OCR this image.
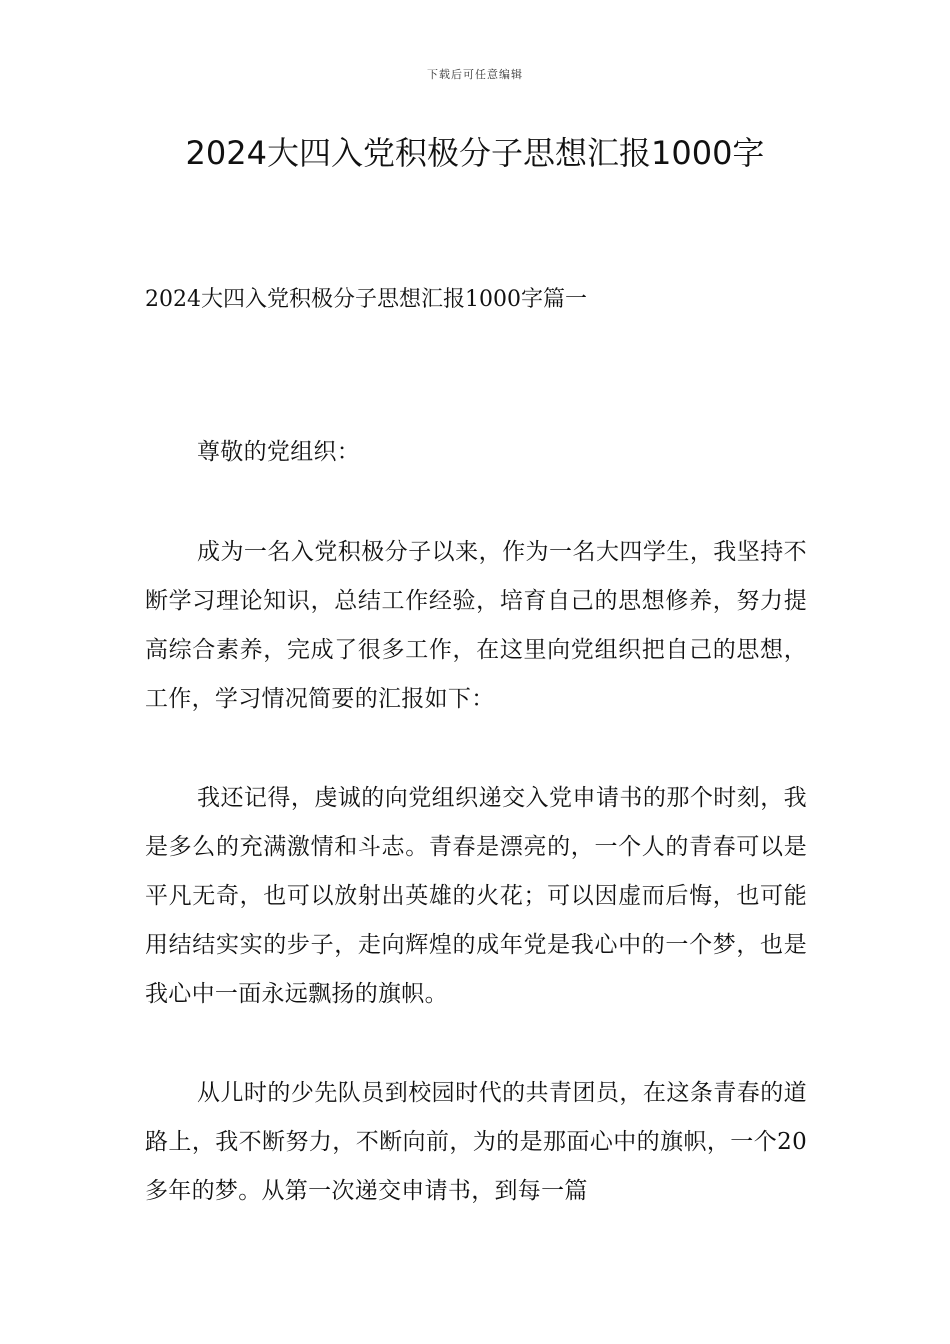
下载后可任意编辑
2024大四入党积极分子思想汇报1000字
2024大四入党积极分子思想汇报1000字篇一

尊敬的党组织：

成为一名入党积极分子以来，作为一名大四学生，我坚持不断学习理论知识，总结工作经验，培育自己的思想修养，努力提高综合素养，完成了很多工作，在这里向党组织把自己的思想，工作，学习情况简要的汇报如下：

我还记得，虔诚的向党组织递交入党申请书的那个时刻，我是多么的充满激情和斗志。青春是漂亮的，一个人的青春可以是平凡无奇，也可以放射出英雄的火花；可以因虚而后悔，也可能用结结实实的步子，走向辉煌的成年党是我心中的一个梦，也是我心中一面永远飘扬的旗帜。

从儿时的少先队员到校园时代的共青团员，在这条青春的道路上，我不断努力，不断向前，为的是那面心中的旗帜，一个20多年的梦。从第一次递交申请书，到每一篇
